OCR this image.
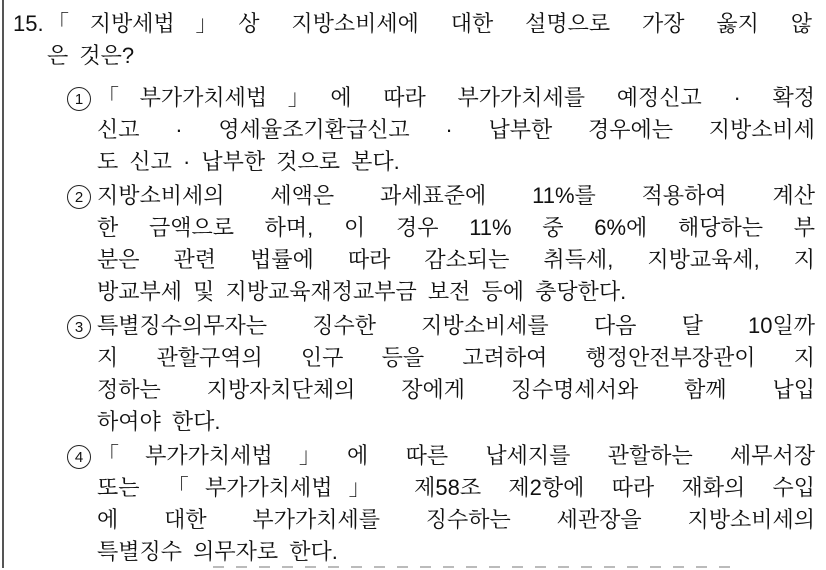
15. 「지방세법」상 지방소비세에 대한 설명으로 가장 옳지 않
은 것은?
1 「부가가치세법」에 따라 부가가치세를 예정신고 · 확정
신고 · 영세율조기환급신고 · 납부한 경우에는 지방소비세
도 신고 · 납부한 것으로 본다.
2 지방소비세의 세액은 과세표준에 11%를 적용하여 계산
한 금액으로 하며, 이 경우 11% 중 6%에 해당하는 부
분은 관련 법률에 따라 감소되는 취득세, 지방교육세, 지
방교부세 및 지방교육재정교부금 보전 등에 충당한다.
3 특별징수의무자는 징수한 지방소비세를 다음 달 10일까
지 관할구역의 인구 등을 고려하여 행정안전부장관이 지
정하는 지방자치단체의 장에게 징수명세서와 함께 납입
하여야 한다.
4 「부가가치세법」에 따른 납세지를 관할하는 세무서장
또는 「부가가치세법」 제58조 제2항에 따라 재화의 수입
에 대한 부가가치세를 징수하는 세관장을 지방소비세의
특별징수 의무자로 한다.
